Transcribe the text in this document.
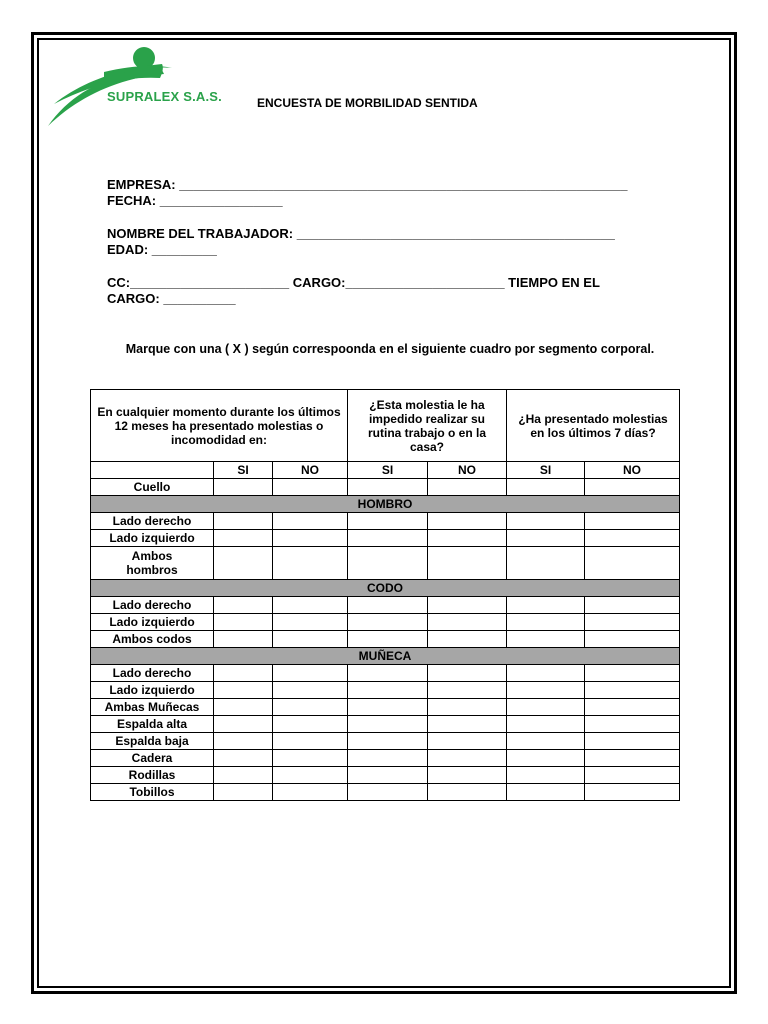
SUPRALEX S.A.S.	ENCUESTA DE MORBILIDAD SENTIDA
EMPRESA: ______________________________________________________________
FECHA: _________________
NOMBRE DEL TRABAJADOR: ____________________________________________
EDAD: _________
CC:______________________ CARGO:______________________ TIEMPO EN EL
CARGO: __________
Marque con una ( X ) según correspoonda en el siguiente cuadro por segmento corporal.
En cualquier momento durante los últimos 12 meses ha presentado molestias o incomodidad en:			¿Esta molestia le ha impedido realizar su rutina trabajo o en la casa?		¿Ha presentado molestias en los últimos 7 días?	
	SI	NO	SI	NO	SI	NO
Cuello						
HOMBRO						
Lado derecho						
Lado izquierdo						
Ambos hombros						
CODO						
Lado derecho						
Lado izquierdo						
Ambos codos						
MUÑECA						
Lado derecho						
Lado izquierdo						
Ambas Muñecas						
Espalda alta						
Espalda baja						
Cadera						
Rodillas						
Tobillos						
